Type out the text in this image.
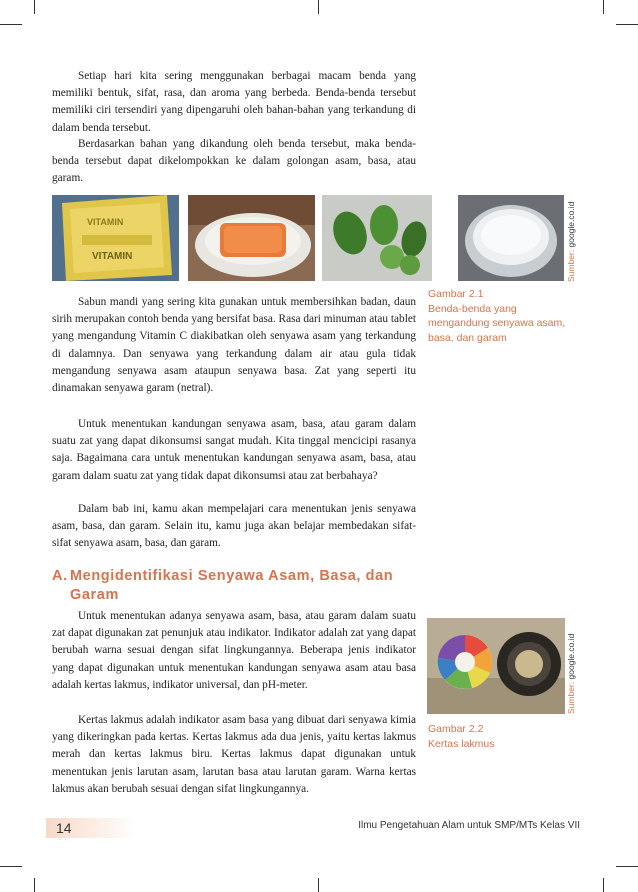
Setiap hari kita sering menggunakan berbagai macam benda yang memiliki bentuk, sifat, rasa, dan aroma yang berbeda. Benda-benda tersebut memiliki ciri tersendiri yang dipengaruhi oleh bahan-bahan yang terkandung di dalam benda tersebut.

Berdasarkan bahan yang dikandung oleh benda tersebut, maka benda-benda tersebut dapat dikelompokkan ke dalam golongan asam, basa, atau garam.

VITAMIN
VITAMIN	Sumber: google.co.id
Gambar 2.1
Benda-benda yang mengandung senyawa asam, basa, dan garam

Sabun mandi yang sering kita gunakan untuk membersihkan badan, daun sirih merupakan contoh benda yang bersifat basa. Rasa dari minuman atau tablet yang mengandung Vitamin C diakibatkan oleh senyawa asam yang terkandung di dalamnya. Dan senyawa yang terkandung dalam air atau gula tidak mengandung senyawa asam ataupun senyawa basa. Zat yang seperti itu dinamakan senyawa garam (netral).

Untuk menentukan kandungan senyawa asam, basa, atau garam dalam suatu zat yang dapat dikonsumsi sangat mudah. Kita tinggal mencicipi rasanya saja. Bagaimana cara untuk menentukan kandungan senyawa asam, basa, atau garam dalam suatu zat yang tidak dapat dikonsumsi atau zat berbahaya?

Dalam bab ini, kamu akan mempelajari cara menentukan jenis senyawa asam, basa, dan garam. Selain itu, kamu juga akan belajar membedakan sifat-sifat senyawa asam, basa, dan garam.

A. Mengidentifikasi Senyawa Asam, Basa, dan
Garam

Untuk menentukan adanya senyawa asam, basa, atau garam dalam suatu zat dapat digunakan zat penunjuk atau indikator. Indikator adalah zat yang dapat berubah warna sesuai dengan sifat lingkungannya. Beberapa jenis indikator yang dapat digunakan untuk menentukan kandungan senyawa asam atau basa adalah kertas lakmus, indikator universal, dan pH-meter.

Kertas lakmus adalah indikator asam basa yang dibuat dari senyawa kimia yang dikeringkan pada kertas. Kertas lakmus ada dua jenis, yaitu kertas lakmus merah dan kertas lakmus biru. Kertas lakmus dapat digunakan untuk menentukan jenis larutan asam, larutan basa atau larutan garam. Warna kertas lakmus akan berubah sesuai dengan sifat lingkungannya.

Sumber: google.co.id
Gambar 2.2
Kertas lakmus
14	Ilmu Pengetahuan Alam untuk SMP/MTs Kelas VII
